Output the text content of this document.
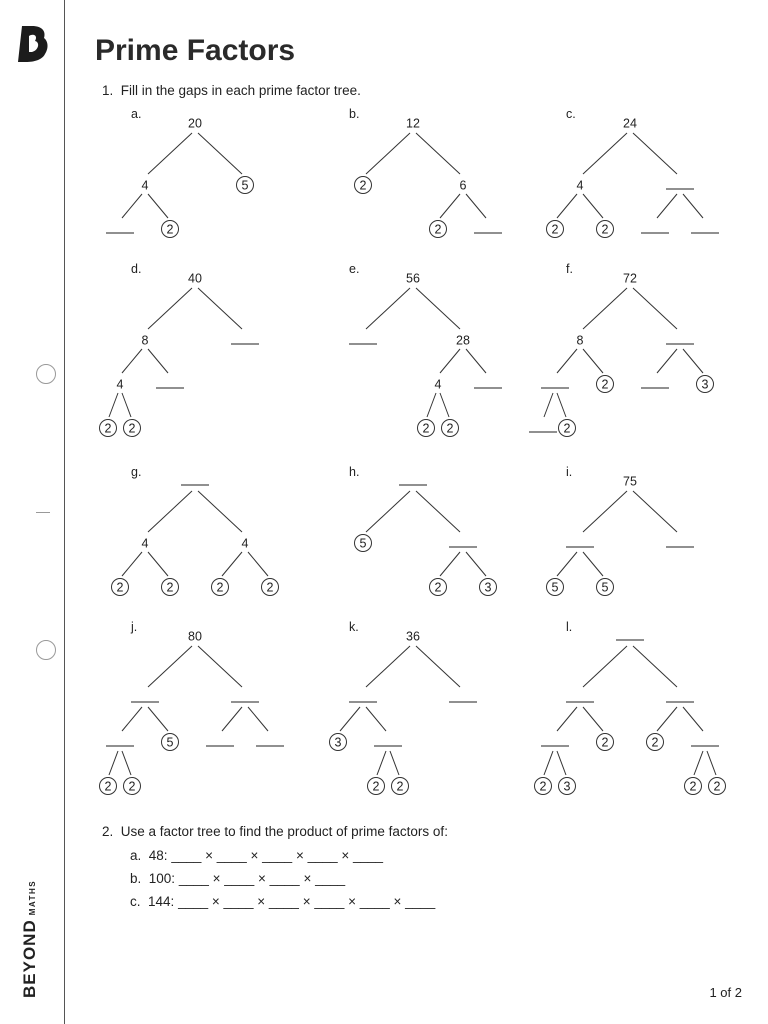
BEYONDMATHS
Prime Factors
1. Fill in the gaps in each prime factor tree.
a.
20
4	5
2
b.
12
2	6
2
c.
24
4
2	2
d.
40
8
4
2 2
e.
56
28
4
2 2
f.
72
8
2
2
3
g.
4	4
2	2	2	2
h.
5
2	3
i.
75
5	5
j.
80
5
2 2
k.
36
3
2 2
l.
2
2 3
2
2 2
2. Use a factor tree to find the product of prime factors of:
a. 48: ____ × ____ × ____ × ____ × ____
b. 100: ____ × ____ × ____ × ____
c. 144: ____ × ____ × ____ × ____ × ____ × ____
1 of 2
